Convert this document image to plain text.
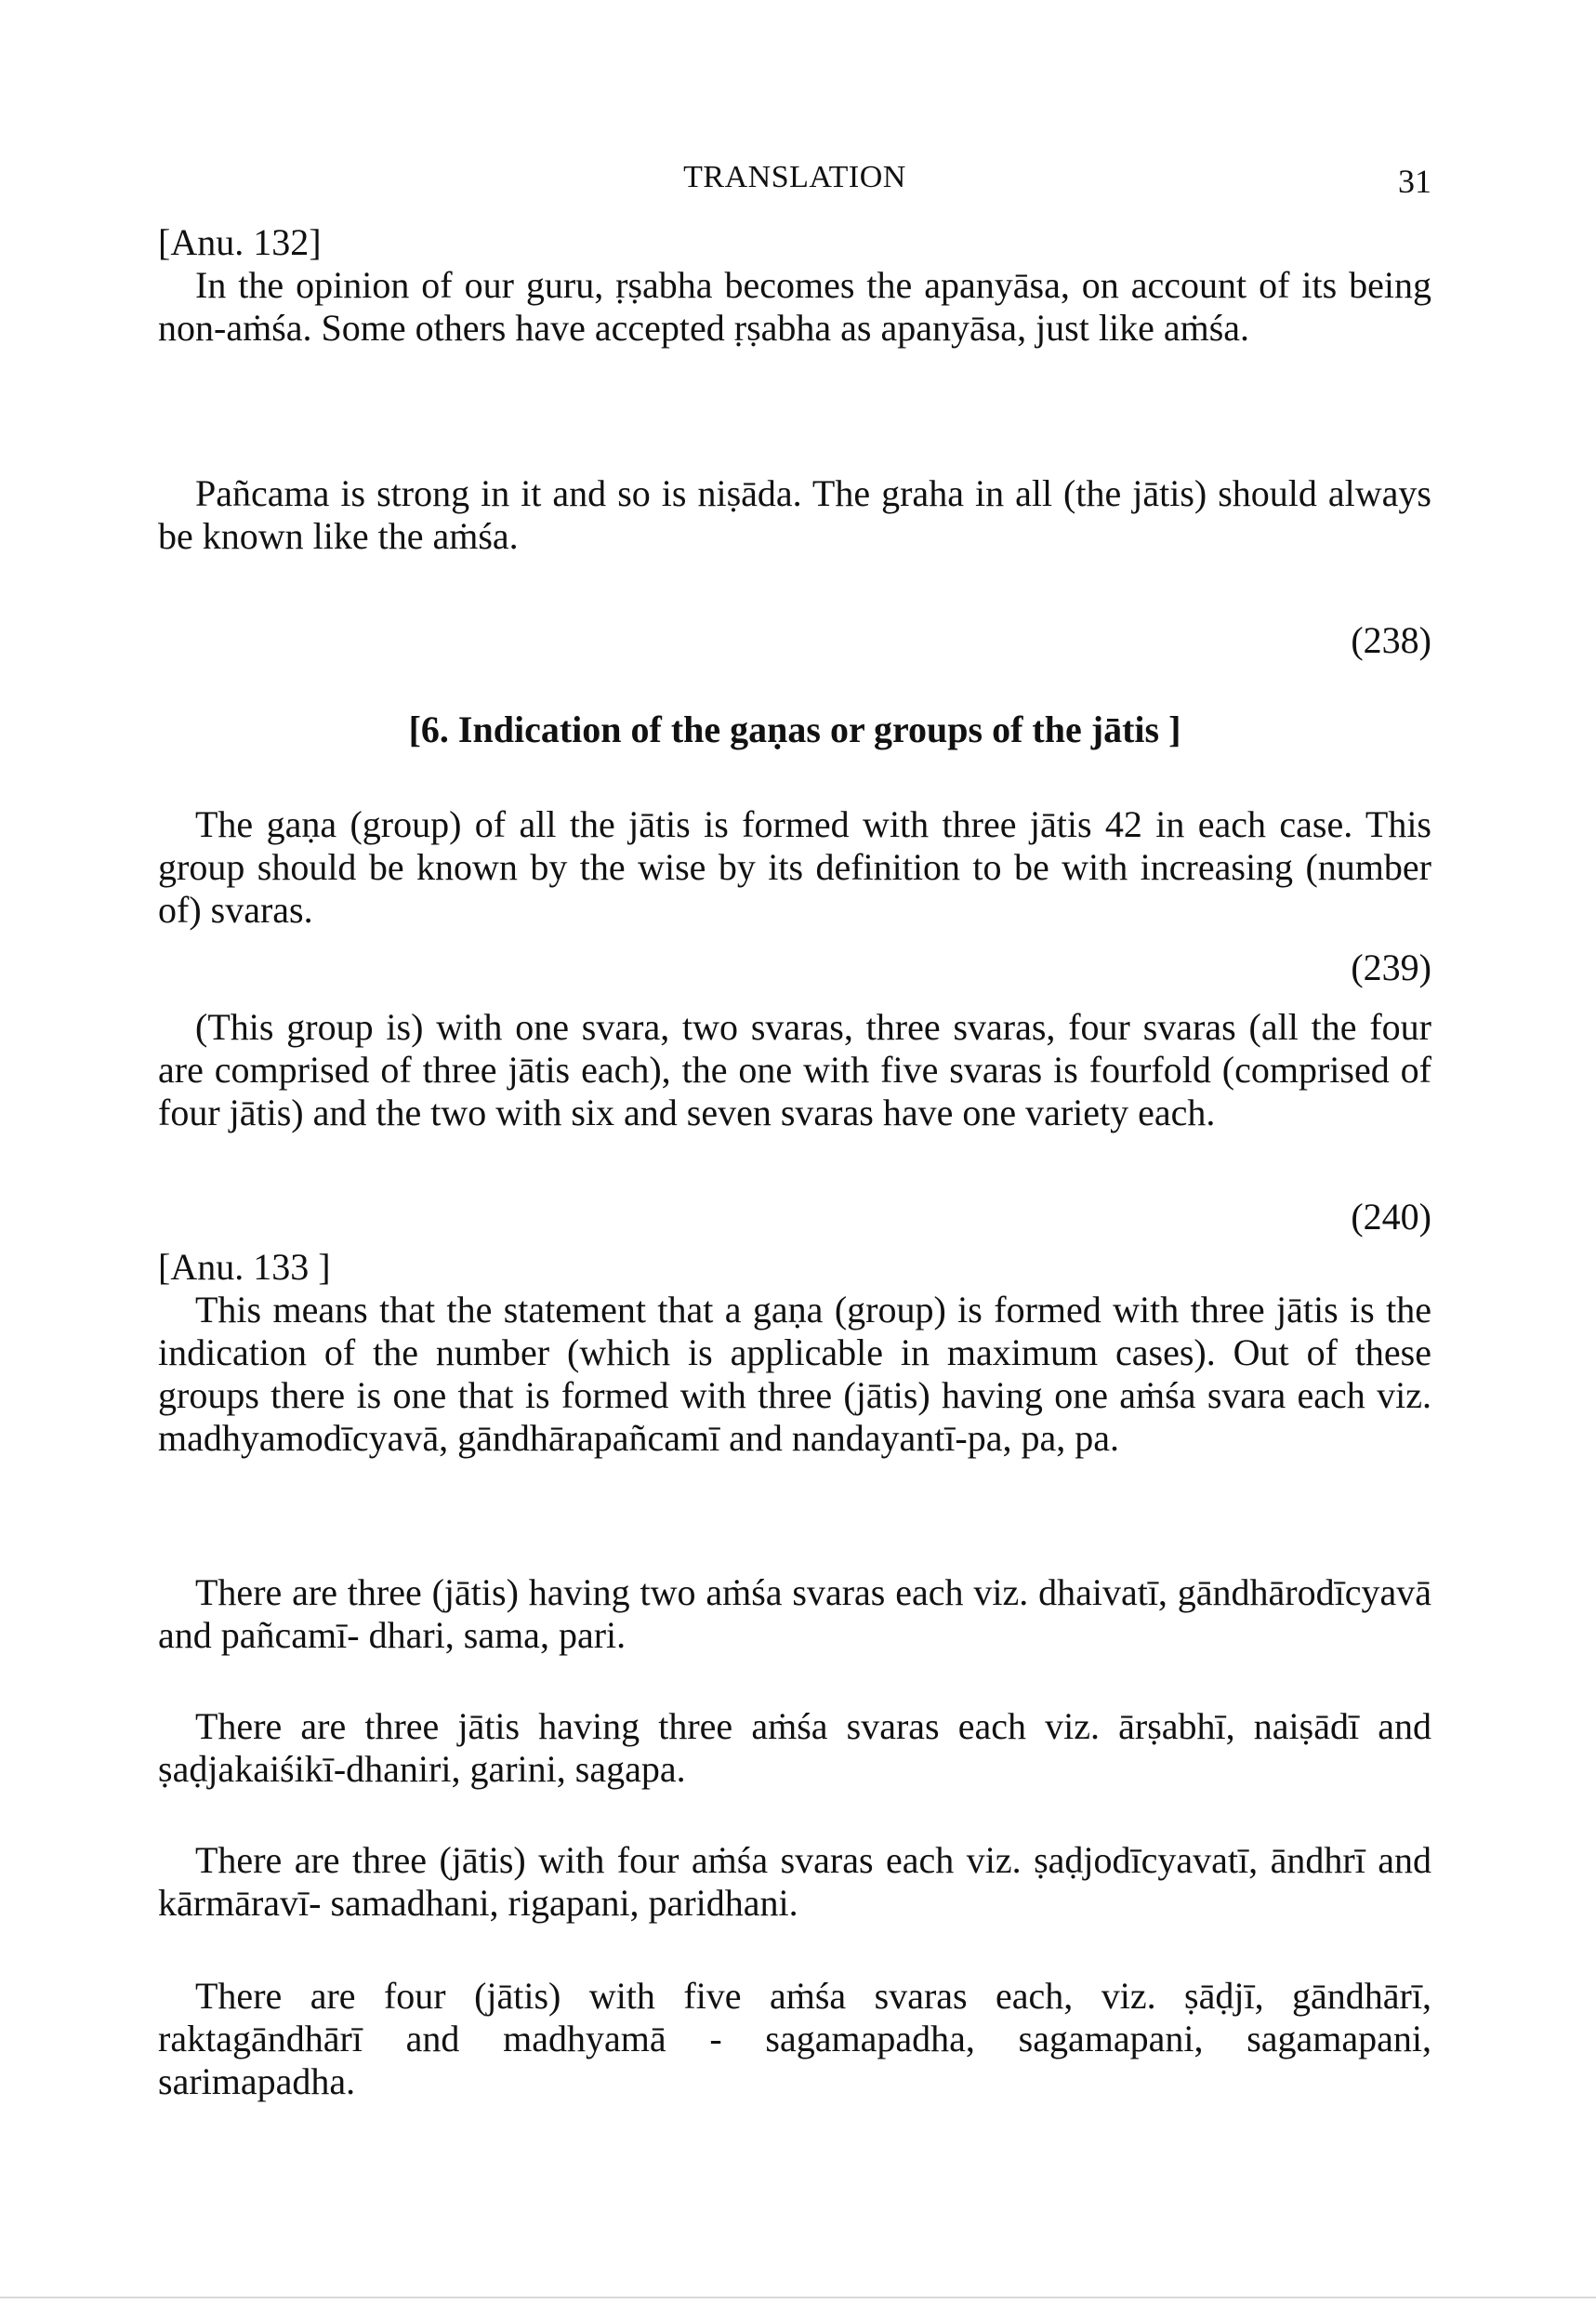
TRANSLATION	31
[Anu. 132]
In the opinion of our guru, ṛṣabha becomes the apanyāsa, on account of its being non-aṁśa. Some others have accepted ṛṣabha as apanyāsa, just like aṁśa.
Pañcama is strong in it and so is niṣāda. The graha in all (the jātis) should always be known like the aṁśa.
(238)
[6. Indication of the gaṇas or groups of the jātis ]
The gaṇa (group) of all the jātis is formed with three jātis 42 in each case. This group should be known by the wise by its definition to be with increasing (number of) svaras.
(239)
(This group is) with one svara, two svaras, three svaras, four svaras (all the four are comprised of three jātis each), the one with five svaras is fourfold (comprised of four jātis) and the two with six and seven svaras have one variety each.
(240)
[Anu. 133 ]
This means that the statement that a gaṇa (group) is formed with three jātis is the indication of the number (which is applicable in maximum cases). Out of these groups there is one that is formed with three (jātis) having one aṁśa svara each viz. madhyamodīcyavā, gāndhārapañcamī and nandayantī-pa, pa, pa.
There are three (jātis) having two aṁśa svaras each viz. dhaivatī, gāndhārodīcyavā and pañcamī- dhari, sama, pari.
There are three jātis having three aṁśa svaras each viz. ārṣabhī, naiṣādī and ṣaḍjakaiśikī-dhaniri, garini, sagapa.
There are three (jātis) with four aṁśa svaras each viz. ṣaḍjodīcyavatī, āndhrī and kārmāravī- samadhani, rigapani, paridhani.
There are four (jātis) with five aṁśa svaras each, viz. ṣāḍjī, gāndhārī, raktagāndhārī and madhyamā - sagamapadha, sagamapani, sagamapani, sarimapadha.
